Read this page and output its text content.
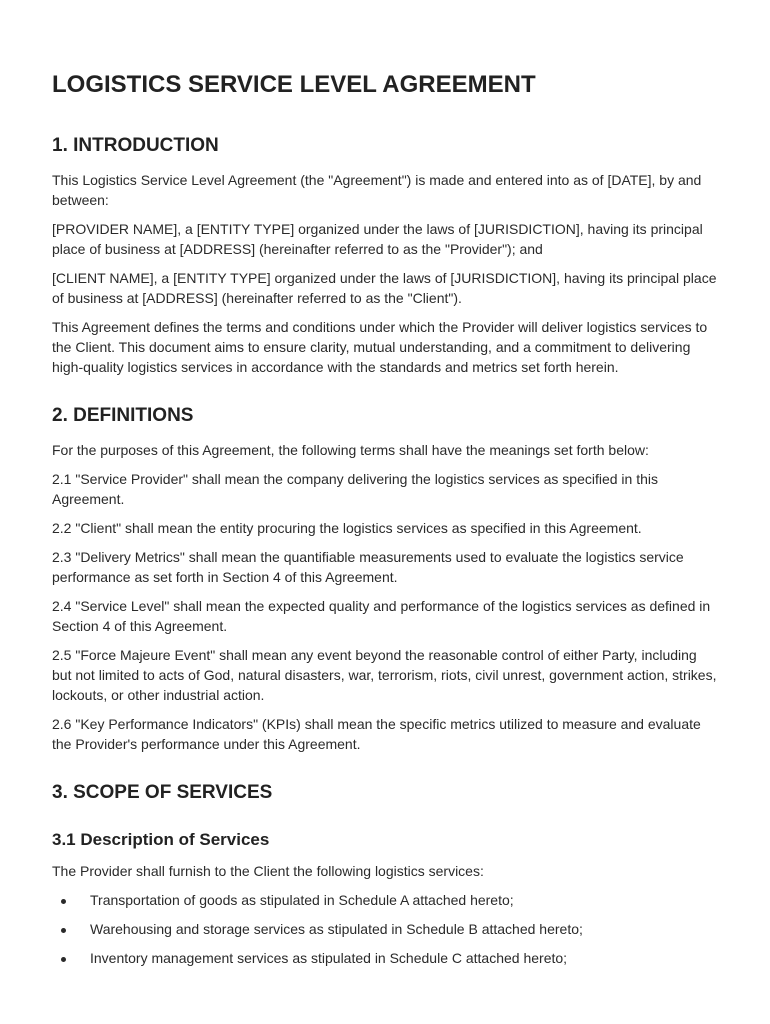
LOGISTICS SERVICE LEVEL AGREEMENT
1. INTRODUCTION

This Logistics Service Level Agreement (the "Agreement") is made and entered into as of [DATE], by and between:

[PROVIDER NAME], a [ENTITY TYPE] organized under the laws of [JURISDICTION], having its principal place of business at [ADDRESS] (hereinafter referred to as the "Provider"); and

[CLIENT NAME], a [ENTITY TYPE] organized under the laws of [JURISDICTION], having its principal place of business at [ADDRESS] (hereinafter referred to as the "Client").

This Agreement defines the terms and conditions under which the Provider will deliver logistics services to the Client. This document aims to ensure clarity, mutual understanding, and a commitment to delivering high-quality logistics services in accordance with the standards and metrics set forth herein.

2. DEFINITIONS

For the purposes of this Agreement, the following terms shall have the meanings set forth below:

2.1 "Service Provider" shall mean the company delivering the logistics services as specified in this Agreement.

2.2 "Client" shall mean the entity procuring the logistics services as specified in this Agreement.

2.3 "Delivery Metrics" shall mean the quantifiable measurements used to evaluate the logistics service performance as set forth in Section 4 of this Agreement.

2.4 "Service Level" shall mean the expected quality and performance of the logistics services as defined in Section 4 of this Agreement.

2.5 "Force Majeure Event" shall mean any event beyond the reasonable control of either Party, including but not limited to acts of God, natural disasters, war, terrorism, riots, civil unrest, government action, strikes, lockouts, or other industrial action.

2.6 "Key Performance Indicators" (KPIs) shall mean the specific metrics utilized to measure and evaluate the Provider's performance under this Agreement.

3. SCOPE OF SERVICES
3.1 Description of Services

The Provider shall furnish to the Client the following logistics services:

Transportation of goods as stipulated in Schedule A attached hereto;
Warehousing and storage services as stipulated in Schedule B attached hereto;
Inventory management services as stipulated in Schedule C attached hereto;
